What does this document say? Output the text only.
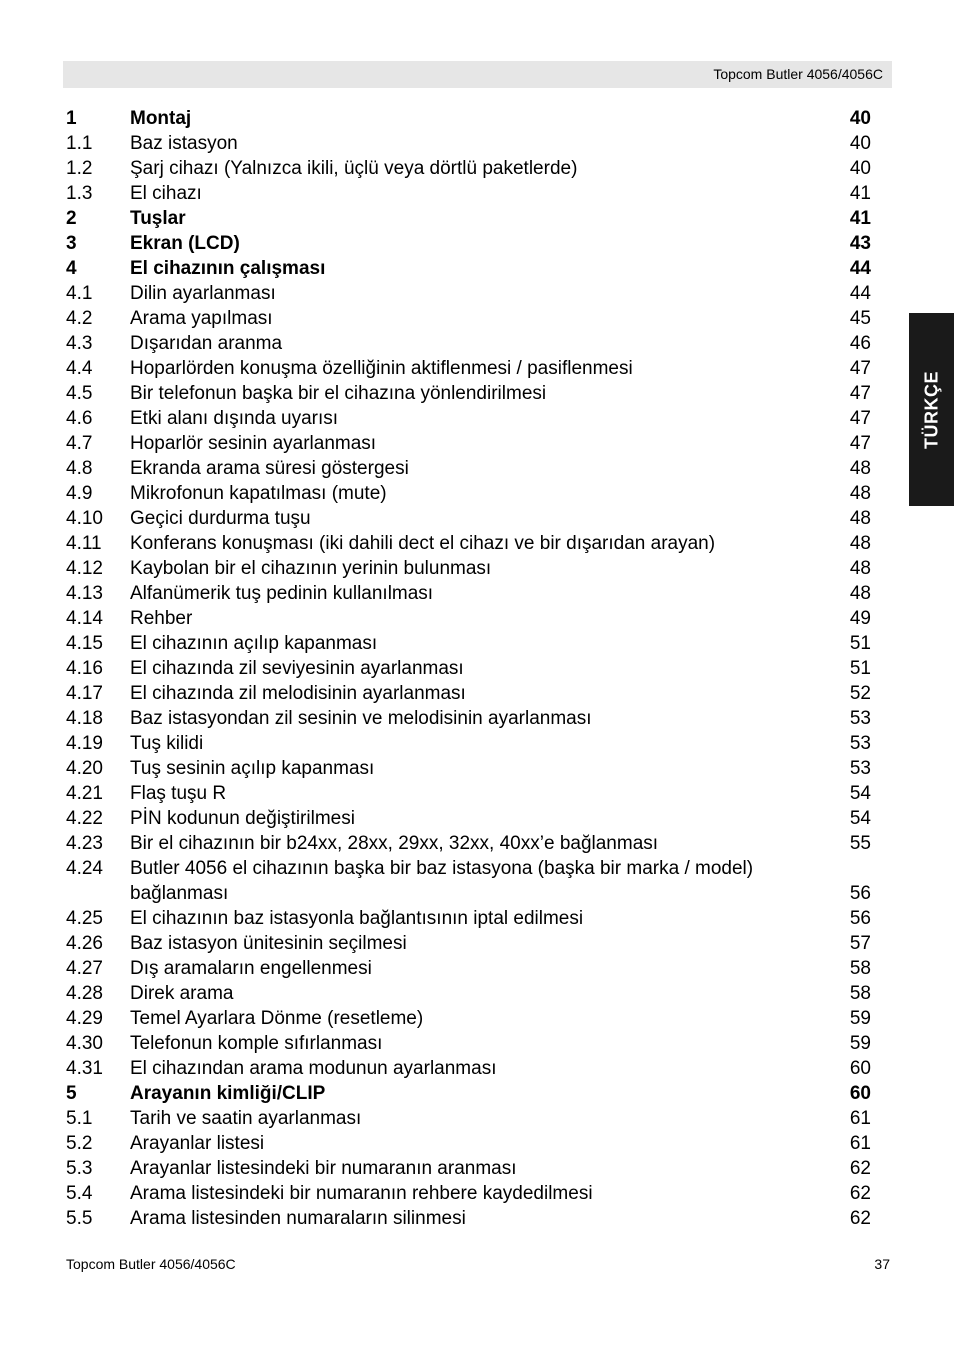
Topcom Butler 4056/4056C
TÜRKÇE
1	Montaj	40
1.1 Baz istasyon	40
1.2 Şarj cihazı (Yalnızca ikili, üçlü veya dörtlü paketlerde)	40
1.3 El cihazı	41
2	Tuşlar	41
3	Ekran (LCD)	43
4	El cihazının çalışması	44
4.1 Dilin ayarlanması	44
4.2 Arama yapılması	45
4.3 Dışarıdan aranma	46
4.4 Hoparlörden konuşma özelliğinin aktiflenmesi / pasiflenmesi	47
4.5 Bir telefonun başka bir el cihazına yönlendirilmesi	47
4.6 Etki alanı dışında uyarısı	47
4.7 Hoparlör sesinin ayarlanması	47
4.8 Ekranda arama süresi göstergesi	48
4.9 Mikrofonun kapatılması (mute)	48
4.10 Geçici durdurma tuşu	48
4.11 Konferans konuşması (iki dahili dect el cihazı ve bir dışarıdan arayan)	48
4.12 Kaybolan bir el cihazının yerinin bulunması	48
4.13 Alfanümerik tuş pedinin kullanılması	48
4.14 Rehber	49
4.15 El cihazının açılıp kapanması	51
4.16 El cihazında zil seviyesinin ayarlanması	51
4.17 El cihazında zil melodisinin ayarlanması	52
4.18 Baz istasyondan zil sesinin ve melodisinin ayarlanması	53
4.19 Tuş kilidi	53
4.20 Tuş sesinin açılıp kapanması	53
4.21 Flaş tuşu R	54
4.22 PİN kodunun değiştirilmesi	54
4.23 Bir el cihazının bir b24xx, 28xx, 29xx, 32xx, 40xx’e bağlanması	55
4.24 Butler 4056 el cihazının başka bir baz istasyona (başka bir marka / model) bağlanması	56
4.25 El cihazının baz istasyonla bağlantısının iptal edilmesi	56
4.26 Baz istasyon ünitesinin seçilmesi	57
4.27 Dış aramaların engellenmesi	58
4.28 Direk arama	58
4.29 Temel Ayarlara Dönme (resetleme)	59
4.30 Telefonun komple sıfırlanması	59
4.31 El cihazından arama modunun ayarlanması	60
5	Arayanın kimliği/CLIP	60
5.1 Tarih ve saatin ayarlanması	61
5.2 Arayanlar listesi	61
5.3 Arayanlar listesindeki bir numaranın aranması	62
5.4 Arama listesindeki bir numaranın rehbere kaydedilmesi	62
5.5 Arama listesinden numaraların silinmesi	62
Topcom Butler 4056/4056C	37
